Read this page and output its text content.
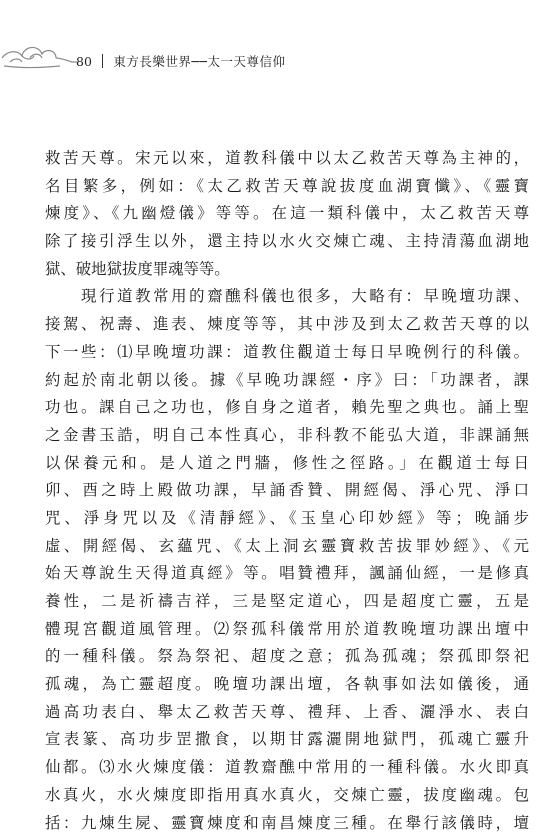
80 東方長樂世界──太一天尊信仰
救苦天尊。宋元以來，道教科儀中以太乙救苦天尊為主神的，
名目繁多，例如：《太乙救苦天尊說拔度血湖寶懺》、《靈寶
煉度》、《九幽燈儀》等等。在這一類科儀中，太乙救苦天尊
除了接引浮生以外，還主持以水火交煉亡魂、主持清蕩血湖地
獄、破地獄拔度罪魂等等。
　　現行道教常用的齋醮科儀也很多，大略有：早晚壇功課、
接駕、祝壽、進表、煉度等等，其中涉及到太乙救苦天尊的以
下一些：⑴早晚壇功課：道教住觀道士每日早晚例行的科儀。
約起於南北朝以後。據《早晚功課經・序》曰：「功課者，課
功也。課自己之功也，修自身之道者，賴先聖之典也。誦上聖
之金書玉誥，明自己本性真心，非科教不能弘大道，非課誦無
以保養元和。是人道之門牆，修性之徑路。」在觀道士每日
卯、酉之時上殿做功課，早誦香贊、開經偈、淨心咒、淨口
咒、淨身咒以及《清靜經》、《玉皇心印妙經》等；晚誦步
虛、開經偈、玄蘊咒、《太上洞玄靈寶救苦拔罪妙經》、《元
始天尊說生天得道真經》等。唱贊禮拜，諷誦仙經，一是修真
養性，二是祈禱吉祥，三是堅定道心，四是超度亡靈，五是
體現宮觀道風管理。⑵祭孤科儀常用於道教晚壇功課出壇中
的一種科儀。祭為祭祀、超度之意；孤為孤魂；祭孤即祭祀
孤魂，為亡靈超度。晚壇功課出壇，各執事如法如儀後，通
過高功表白、舉太乙救苦天尊、禮拜、上香、灑淨水、表白
宣表篆、高功步罡撒食，以期甘露灑開地獄門，孤魂亡靈升
仙都。⑶水火煉度儀：道教齋醮中常用的一種科儀。水火即真
水真火，水火煉度即指用真水真火，交煉亡靈，拔度幽魂。包
括：九煉生屍、靈寶煉度和南昌煉度三種。在舉行該儀時，壇
